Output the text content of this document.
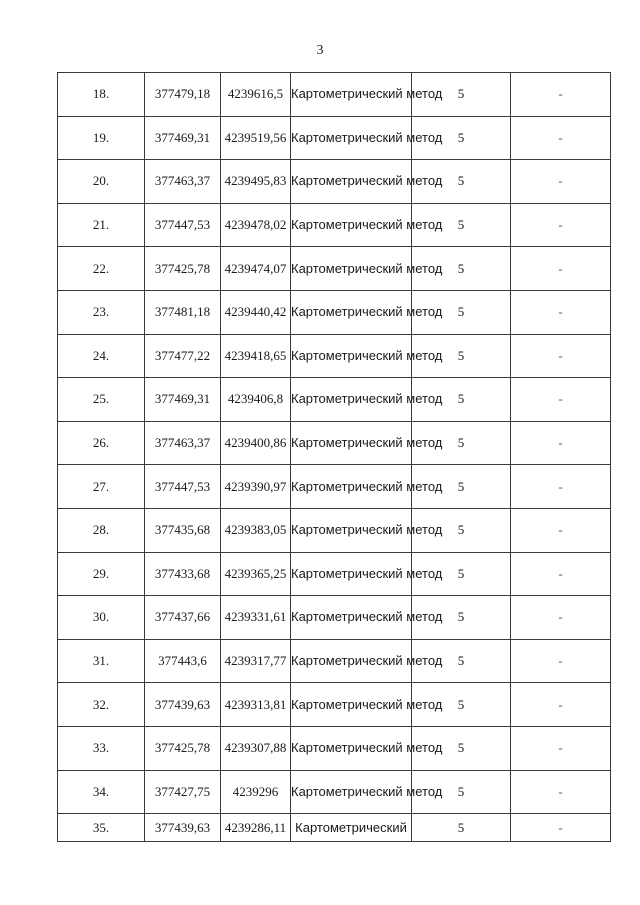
3
18.	377479,18	4239616,5	Картометрический метод	5	-
19.	377469,31	4239519,56	Картометрический метод	5	-
20.	377463,37	4239495,83	Картометрический метод	5	-
21.	377447,53	4239478,02	Картометрический метод	5	-
22.	377425,78	4239474,07	Картометрический метод	5	-
23.	377481,18	4239440,42	Картометрический метод	5	-
24.	377477,22	4239418,65	Картометрический метод	5	-
25.	377469,31	4239406,8	Картометрический метод	5	-
26.	377463,37	4239400,86	Картометрический метод	5	-
27.	377447,53	4239390,97	Картометрический метод	5	-
28.	377435,68	4239383,05	Картометрический метод	5	-
29.	377433,68	4239365,25	Картометрический метод	5	-
30.	377437,66	4239331,61	Картометрический метод	5	-
31.	377443,6	4239317,77	Картометрический метод	5	-
32.	377439,63	4239313,81	Картометрический метод	5	-
33.	377425,78	4239307,88	Картометрический метод	5	-
34.	377427,75	4239296	Картометрический метод	5	-
35.	377439,63	4239286,11	Картометрический	5	-
